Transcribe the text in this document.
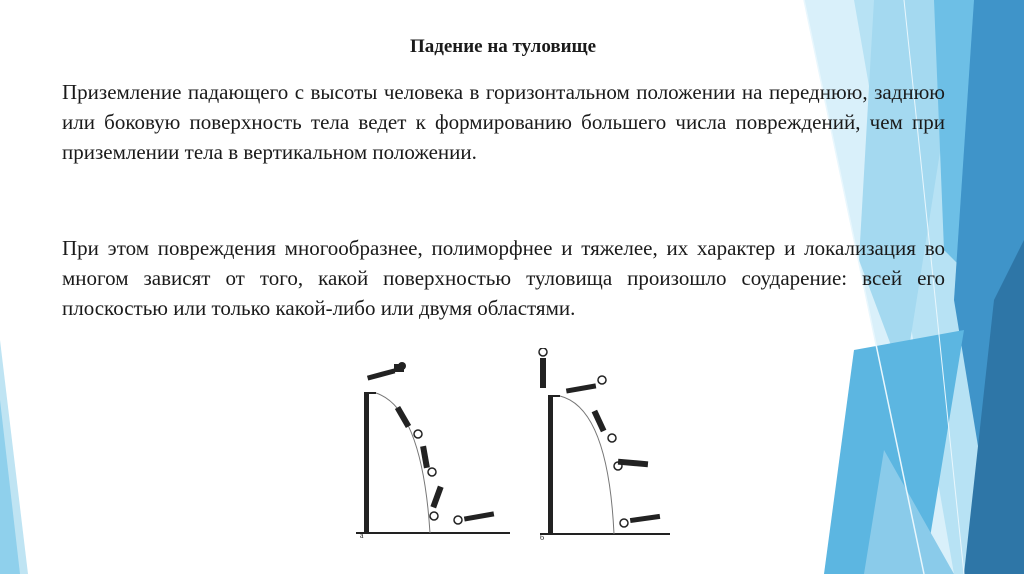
Падение на туловище

Приземление падающего с высоты человека в горизонтальном положении на переднюю, заднюю или боковую поверхность тела ведет к формированию большего числа повреждений, чем при приземлении тела в вертикальном положении.

При этом повреждения многообразнее, полиморфнее и тяжелее, их характер и локализация во многом зависят от того, какой поверхностью туловища произошло соударение: всей его плоскостью или только какой-либо или двумя областями.

а	б
